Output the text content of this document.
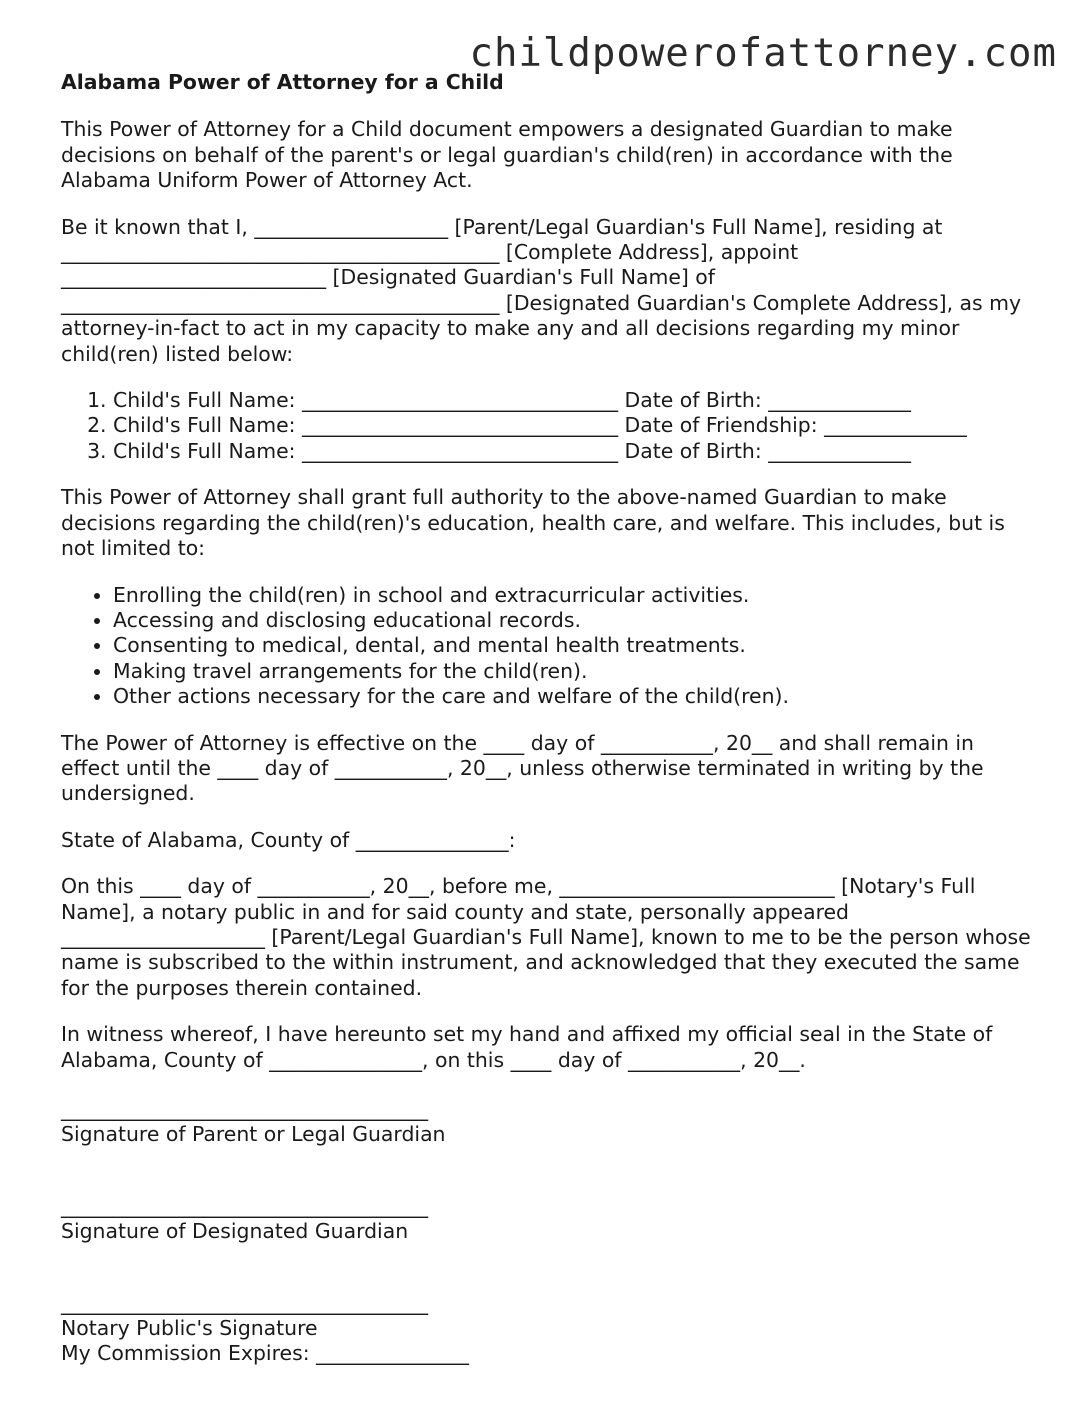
childpowerofattorney.com
Alabama Power of Attorney for a Child

This Power of Attorney for a Child document empowers a designated Guardian to make decisions on behalf of the parent's or legal guardian's child(ren) in accordance with the Alabama Uniform Power of Attorney Act.

Be it known that I, ___________________ [Parent/Legal Guardian's Full Name], residing at ___________________________________________ [Complete Address], appoint __________________________ [Designated Guardian's Full Name] of ___________________________________________ [Designated Guardian's Complete Address], as my attorney-in-fact to act in my capacity to make any and all decisions regarding my minor child(ren) listed below:

1. Child's Full Name: _______________________________ Date of Birth: ______________
2. Child's Full Name: _______________________________ Date of Friendship: ______________
3. Child's Full Name: _______________________________ Date of Birth: ______________

This Power of Attorney shall grant full authority to the above-named Guardian to make decisions regarding the child(ren)'s education, health care, and welfare. This includes, but is not limited to:

• Enrolling the child(ren) in school and extracurricular activities.
• Accessing and disclosing educational records.
• Consenting to medical, dental, and mental health treatments.
• Making travel arrangements for the child(ren).
• Other actions necessary for the care and welfare of the child(ren).

The Power of Attorney is effective on the ____ day of ___________, 20__ and shall remain in effect until the ____ day of ___________, 20__, unless otherwise terminated in writing by the undersigned.

State of Alabama, County of _______________:

On this ____ day of ___________, 20__, before me, ___________________________ [Notary's Full Name], a notary public in and for said county and state, personally appeared ____________________ [Parent/Legal Guardian's Full Name], known to me to be the person whose name is subscribed to the within instrument, and acknowledged that they executed the same for the purposes therein contained.

In witness whereof, I have hereunto set my hand and affixed my official seal in the State of Alabama, County of _______________, on this ____ day of ___________, 20__.

____________________________________
Signature of Parent or Legal Guardian
____________________________________
Signature of Designated Guardian
____________________________________
Notary Public's Signature
My Commission Expires: _______________
